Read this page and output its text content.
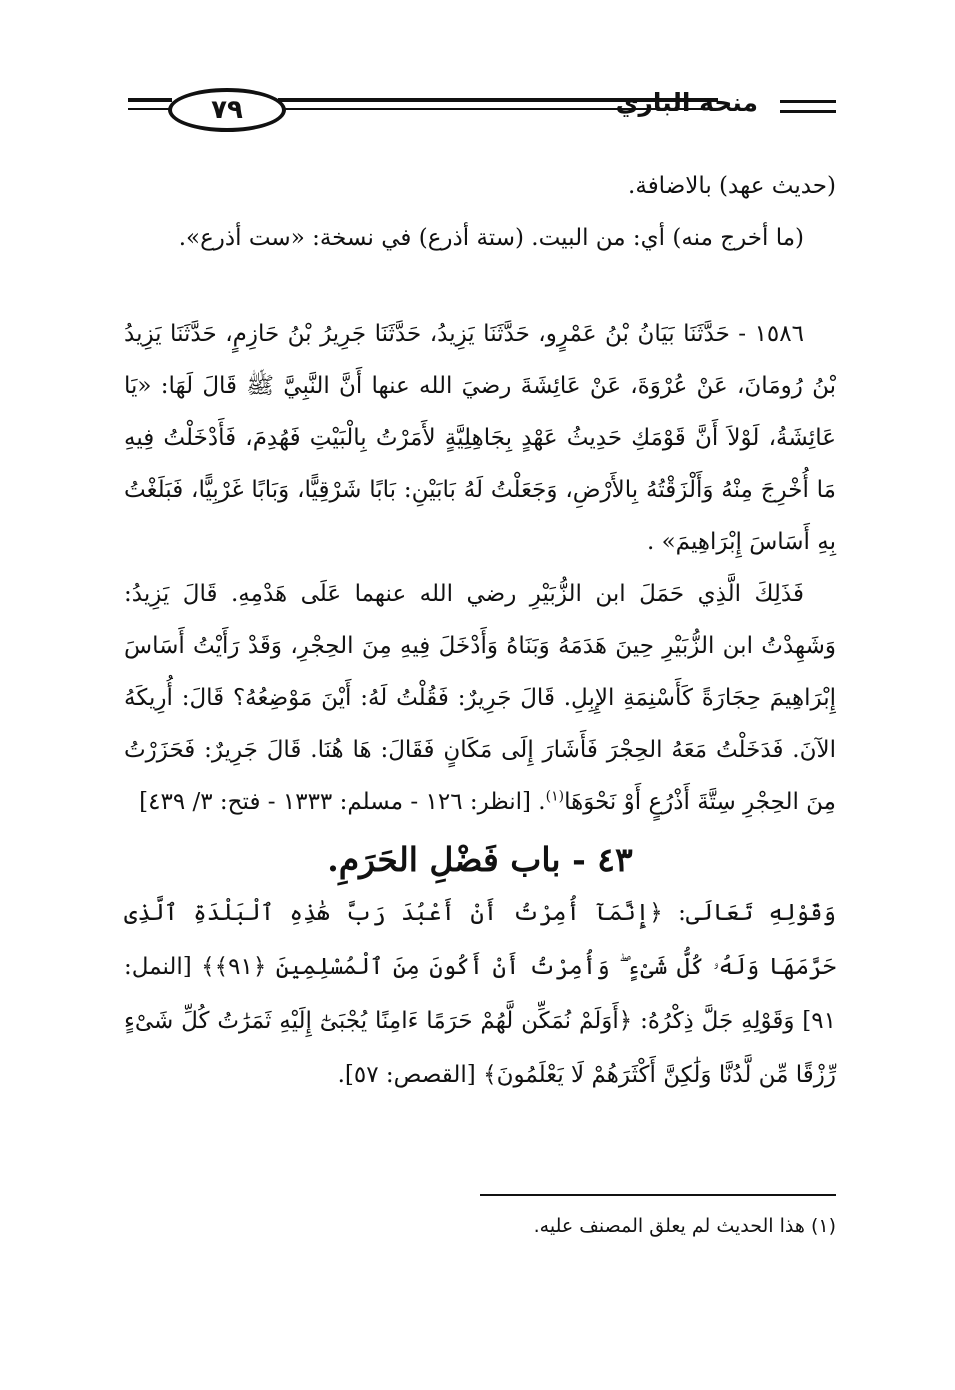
٧٩	منحة الباري

(حديث عهد) بالاضافة.

(ما أخرج منه) أي: من البيت. (ستة أذرع) في نسخة: «ست أذرع».

١٥٨٦ - حَدَّثَنَا بَيَانُ بْنُ عَمْرٍو، حَدَّثَنَا يَزِيدُ، حَدَّثَنَا جَرِيرُ بْنُ حَازِمٍ، حَدَّثَنَا يَزِيدُ بْنُ رُومَانَ، عَنْ عُرْوَةَ، عَنْ عَائِشَةَ رضيَ الله عنها أَنَّ النَّبِيَّ ﷺ قَالَ لَهَا: «يَا عَائِشَةُ، لَوْلاَ أَنَّ قَوْمَكِ حَدِيثُ عَهْدٍ بِجَاهِلِيَّةٍ لأَمَرْتُ بِالْبَيْتِ فَهُدِمَ، فَأَدْخَلْتُ فِيهِ مَا أُخْرِجَ مِنْهُ وَأَلْزَقْتُهُ بِالأَرْضِ، وَجَعَلْتُ لَهُ بَابَيْنِ: بَابًا شَرْقِيًّا، وَبَابًا غَرْبِيًّا، فَبَلَغْتُ بِهِ أَسَاسَ إِبْرَاهِيمَ» .

فَذَلِكَ الَّذِي حَمَلَ ابن الزُّبَيْرِ رضي الله عنهما عَلَى هَدْمِهِ. قَالَ يَزِيدُ: وَشَهِدْتُ ابن الزُّبَيْرِ حِينَ هَدَمَهُ وَبَنَاهُ وَأَدْخَلَ فِيهِ مِنَ الحِجْرِ، وَقَدْ رَأَيْتُ أَسَاسَ إِبْرَاهِيمَ حِجَارَةً كَأَسْنِمَةِ الإِبِلِ. قَالَ جَرِيرٌ: فَقُلْتُ لَهُ: أَيْنَ مَوْضِعُهُ؟ قَالَ: أُرِيكَهُ الآنَ. فَدَخَلْتُ مَعَهُ الحِجْرَ فَأَشَارَ إِلَى مَكَانٍ فَقَالَ: هَا هُنَا. قَالَ جَرِيرٌ: فَحَزَرْتُ مِنَ الحِجْرِ سِتَّةَ أَذْرُعٍ أَوْ نَحْوَهَا$^{(١)}$. [انظر: ١٢٦ - مسلم: ١٣٣٣ - فتح: ٣/ ٤٣٩]

٤٣ - باب فَضْلِ الحَرَمِ.
وَقَوْلِهِ تَعَالَى: ﴿إِنَّمَآ أُمِرْتُ أَنْ أَعْبُدَ رَبَّ هَٰذِهِ ٱلْبَلْدَةِ ٱلَّذِى حَرَّمَهَا وَلَهُۥ كُلُّ شَىْءٍ ۖ وَأُمِرْتُ أَنْ أَكُونَ مِنَ ٱلْمُسْلِمِينَ ﴿٩١﴾﴾ [النمل: ٩١] وَقَوْلِهِ جَلَّ ذِكْرُهُ: ﴿أَوَلَمْ نُمَكِّن لَّهُمْ حَرَمًا ءَامِنًا يُجْبَىٰٓ إِلَيْهِ ثَمَرَٰتُ كُلِّ شَىْءٍ رِّزْقًا مِّن لَّدُنَّا وَلَٰكِنَّ أَكْثَرَهُمْ لَا يَعْلَمُونَ﴾ [القصص: ٥٧].
(١) هذا الحديث لم يعلق المصنف عليه.
